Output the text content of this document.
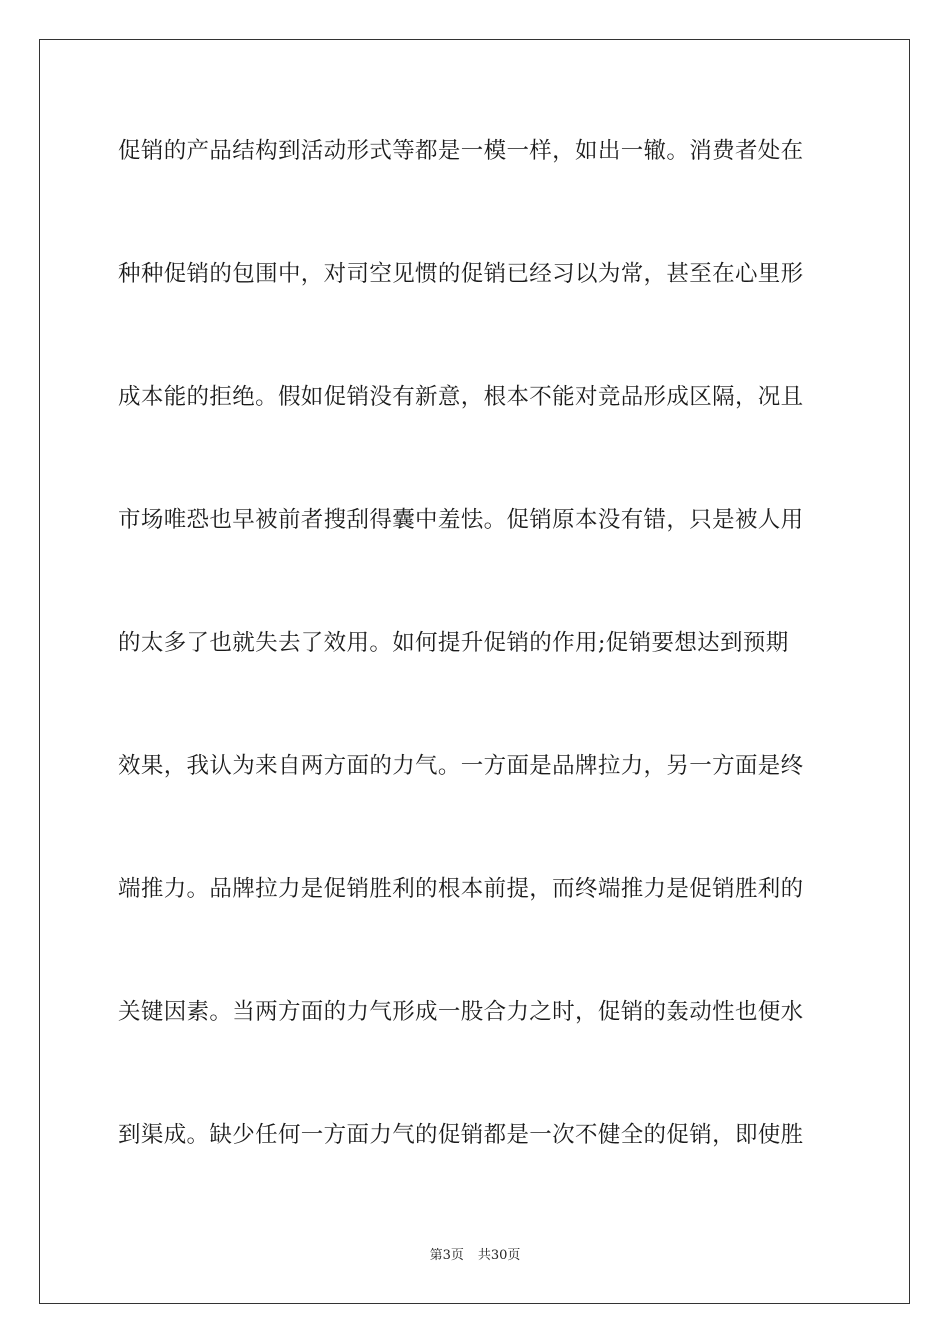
促销的产品结构到活动形式等都是一模一样，如出一辙。消费者处在
种种促销的包围中，对司空见惯的促销已经习以为常，甚至在心里形
成本能的拒绝。假如促销没有新意，根本不能对竞品形成区隔，况且
市场唯恐也早被前者搜刮得囊中羞怯。促销原本没有错，只是被人用
的太多了也就失去了效用。如何提升促销的作用;促销要想达到预期
效果，我认为来自两方面的力气。一方面是品牌拉力，另一方面是终
端推力。品牌拉力是促销胜利的根本前提，而终端推力是促销胜利的
关键因素。当两方面的力气形成一股合力之时，促销的轰动性也便水
到渠成。缺少任何一方面力气的促销都是一次不健全的促销，即使胜
第3页 共30页
